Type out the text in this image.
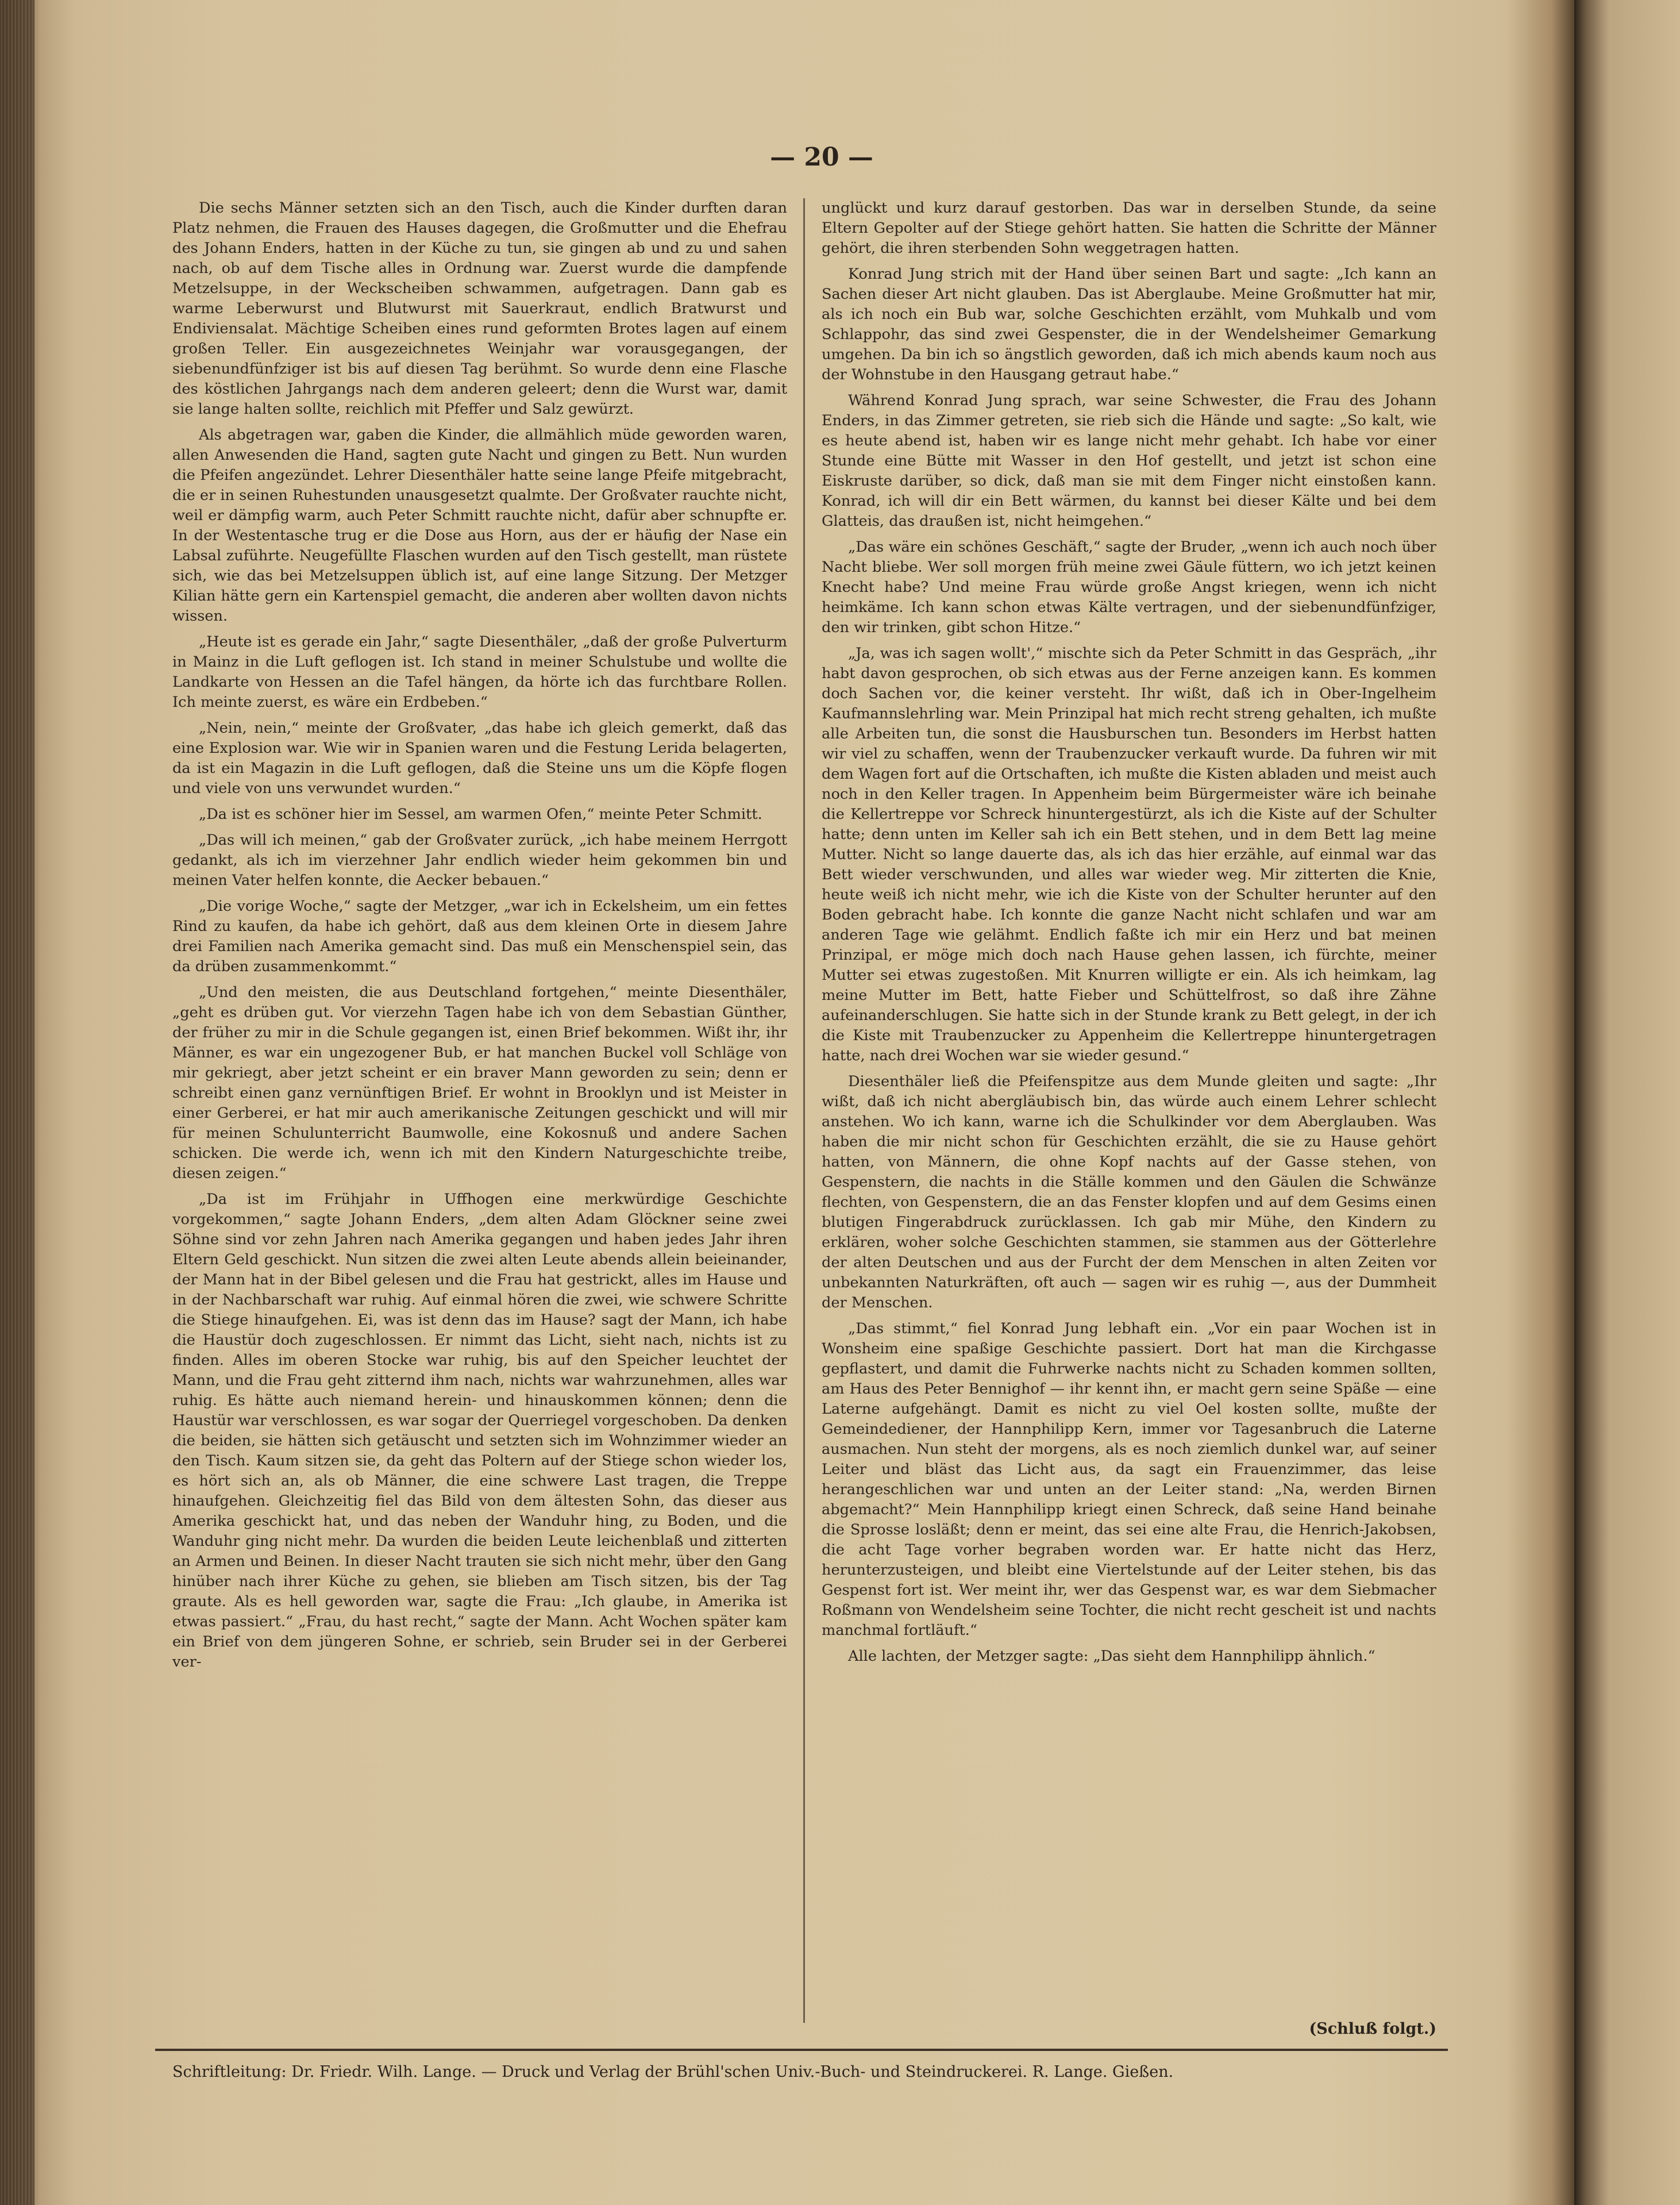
— 20 —

Die sechs Männer setzten sich an den Tisch, auch die Kinder durften daran Platz nehmen, die Frauen des Hauses dagegen, die Großmutter und die Ehefrau des Johann Enders, hatten in der Küche zu tun, sie gingen ab und zu und sahen nach, ob auf dem Tische alles in Ordnung war. Zuerst wurde die dampfende Metzelsuppe, in der Weckscheiben schwammen, aufgetragen. Dann gab es warme Leberwurst und Blutwurst mit Sauerkraut, endlich Bratwurst und Endiviensalat. Mächtige Scheiben eines rund geformten Brotes lagen auf einem großen Teller. Ein ausgezeichnetes Weinjahr war vorausgegangen, der siebenundfünfziger ist bis auf diesen Tag berühmt. So wurde denn eine Flasche des köstlichen Jahrgangs nach dem anderen geleert; denn die Wurst war, damit sie lange halten sollte, reichlich mit Pfeffer und Salz gewürzt.

Als abgetragen war, gaben die Kinder, die allmählich müde geworden waren, allen Anwesenden die Hand, sagten gute Nacht und gingen zu Bett. Nun wurden die Pfeifen angezündet. Lehrer Diesenthäler hatte seine lange Pfeife mitgebracht, die er in seinen Ruhestunden unausgesetzt qualmte. Der Großvater rauchte nicht, weil er dämpfig warm, auch Peter Schmitt rauchte nicht, dafür aber schnupfte er. In der Westentasche trug er die Dose aus Horn, aus der er häufig der Nase ein Labsal zuführte. Neugefüllte Flaschen wurden auf den Tisch gestellt, man rüstete sich, wie das bei Metzelsuppen üblich ist, auf eine lange Sitzung. Der Metzger Kilian hätte gern ein Kartenspiel gemacht, die anderen aber wollten davon nichts wissen.

„Heute ist es gerade ein Jahr,“ sagte Diesenthäler, „daß der große Pulverturm in Mainz in die Luft geflogen ist. Ich stand in meiner Schulstube und wollte die Landkarte von Hessen an die Tafel hängen, da hörte ich das furchtbare Rollen. Ich meinte zuerst, es wäre ein Erdbeben.“

„Nein, nein,“ meinte der Großvater, „das habe ich gleich gemerkt, daß das eine Explosion war. Wie wir in Spanien waren und die Festung Lerida belagerten, da ist ein Magazin in die Luft geflogen, daß die Steine uns um die Köpfe flogen und viele von uns verwundet wurden.“

„Da ist es schöner hier im Sessel, am warmen Ofen,“ meinte Peter Schmitt.

„Das will ich meinen,“ gab der Großvater zurück, „ich habe meinem Herrgott gedankt, als ich im vierzehner Jahr endlich wieder heim gekommen bin und meinen Vater helfen konnte, die Aecker bebauen.“

„Die vorige Woche,“ sagte der Metzger, „war ich in Eckelsheim, um ein fettes Rind zu kaufen, da habe ich gehört, daß aus dem kleinen Orte in diesem Jahre drei Familien nach Amerika gemacht sind. Das muß ein Menschenspiel sein, das da drüben zusammenkommt.“

„Und den meisten, die aus Deutschland fortgehen,“ meinte Diesenthäler, „geht es drüben gut. Vor vierzehn Tagen habe ich von dem Sebastian Günther, der früher zu mir in die Schule gegangen ist, einen Brief bekommen. Wißt ihr, ihr Männer, es war ein ungezogener Bub, er hat manchen Buckel voll Schläge von mir gekriegt, aber jetzt scheint er ein braver Mann geworden zu sein; denn er schreibt einen ganz vernünftigen Brief. Er wohnt in Brooklyn und ist Meister in einer Gerberei, er hat mir auch amerikanische Zeitungen geschickt und will mir für meinen Schulunterricht Baumwolle, eine Kokosnuß und andere Sachen schicken. Die werde ich, wenn ich mit den Kindern Naturgeschichte treibe, diesen zeigen.“

„Da ist im Frühjahr in Uffhogen eine merkwürdige Geschichte vorgekommen,“ sagte Johann Enders, „dem alten Adam Glöckner seine zwei Söhne sind vor zehn Jahren nach Amerika gegangen und haben jedes Jahr ihren Eltern Geld geschickt. Nun sitzen die zwei alten Leute abends allein beieinander, der Mann hat in der Bibel gelesen und die Frau hat gestrickt, alles im Hause und in der Nachbarschaft war ruhig. Auf einmal hören die zwei, wie schwere Schritte die Stiege hinaufgehen. Ei, was ist denn das im Hause? sagt der Mann, ich habe die Haustür doch zugeschlossen. Er nimmt das Licht, sieht nach, nichts ist zu finden. Alles im oberen Stocke war ruhig, bis auf den Speicher leuchtet der Mann, und die Frau geht zitternd ihm nach, nichts war wahrzunehmen, alles war ruhig. Es hätte auch niemand herein- und hinauskommen können; denn die Haustür war verschlossen, es war sogar der Querriegel vorgeschoben. Da denken die beiden, sie hätten sich getäuscht und setzten sich im Wohnzimmer wieder an den Tisch. Kaum sitzen sie, da geht das Poltern auf der Stiege schon wieder los, es hört sich an, als ob Männer, die eine schwere Last tragen, die Treppe hinaufgehen. Gleichzeitig fiel das Bild von dem ältesten Sohn, das dieser aus Amerika geschickt hat, und das neben der Wanduhr hing, zu Boden, und die Wanduhr ging nicht mehr. Da wurden die beiden Leute leichenblaß und zitterten an Armen und Beinen. In dieser Nacht trauten sie sich nicht mehr, über den Gang hinüber nach ihrer Küche zu gehen, sie blieben am Tisch sitzen, bis der Tag graute. Als es hell geworden war, sagte die Frau: „Ich glaube, in Amerika ist etwas passiert.“ „Frau, du hast recht,“ sagte der Mann. Acht Wochen später kam ein Brief von dem jüngeren Sohne, er schrieb, sein Bruder sei in der Gerberei ver-

unglückt und kurz darauf gestorben. Das war in derselben Stunde, da seine Eltern Gepolter auf der Stiege gehört hatten. Sie hatten die Schritte der Männer gehört, die ihren sterbenden Sohn weggetragen hatten.

Konrad Jung strich mit der Hand über seinen Bart und sagte: „Ich kann an Sachen dieser Art nicht glauben. Das ist Aberglaube. Meine Großmutter hat mir, als ich noch ein Bub war, solche Geschichten erzählt, vom Muhkalb und vom Schlappohr, das sind zwei Gespenster, die in der Wendelsheimer Gemarkung umgehen. Da bin ich so ängstlich geworden, daß ich mich abends kaum noch aus der Wohnstube in den Hausgang getraut habe.“

Während Konrad Jung sprach, war seine Schwester, die Frau des Johann Enders, in das Zimmer getreten, sie rieb sich die Hände und sagte: „So kalt, wie es heute abend ist, haben wir es lange nicht mehr gehabt. Ich habe vor einer Stunde eine Bütte mit Wasser in den Hof gestellt, und jetzt ist schon eine Eiskruste darüber, so dick, daß man sie mit dem Finger nicht einstoßen kann. Konrad, ich will dir ein Bett wärmen, du kannst bei dieser Kälte und bei dem Glatteis, das draußen ist, nicht heimgehen.“

„Das wäre ein schönes Geschäft,“ sagte der Bruder, „wenn ich auch noch über Nacht bliebe. Wer soll morgen früh meine zwei Gäule füttern, wo ich jetzt keinen Knecht habe? Und meine Frau würde große Angst kriegen, wenn ich nicht heimkäme. Ich kann schon etwas Kälte vertragen, und der siebenundfünfziger, den wir trinken, gibt schon Hitze.“

„Ja, was ich sagen wollt',“ mischte sich da Peter Schmitt in das Gespräch, „ihr habt davon gesprochen, ob sich etwas aus der Ferne anzeigen kann. Es kommen doch Sachen vor, die keiner versteht. Ihr wißt, daß ich in Ober-Ingelheim Kaufmannslehrling war. Mein Prinzipal hat mich recht streng gehalten, ich mußte alle Arbeiten tun, die sonst die Hausburschen tun. Besonders im Herbst hatten wir viel zu schaffen, wenn der Traubenzucker verkauft wurde. Da fuhren wir mit dem Wagen fort auf die Ortschaften, ich mußte die Kisten abladen und meist auch noch in den Keller tragen. In Appenheim beim Bürgermeister wäre ich beinahe die Kellertreppe vor Schreck hinuntergestürzt, als ich die Kiste auf der Schulter hatte; denn unten im Keller sah ich ein Bett stehen, und in dem Bett lag meine Mutter. Nicht so lange dauerte das, als ich das hier erzähle, auf einmal war das Bett wieder verschwunden, und alles war wieder weg. Mir zitterten die Knie, heute weiß ich nicht mehr, wie ich die Kiste von der Schulter herunter auf den Boden gebracht habe. Ich konnte die ganze Nacht nicht schlafen und war am anderen Tage wie gelähmt. Endlich faßte ich mir ein Herz und bat meinen Prinzipal, er möge mich doch nach Hause gehen lassen, ich fürchte, meiner Mutter sei etwas zugestoßen. Mit Knurren willigte er ein. Als ich heimkam, lag meine Mutter im Bett, hatte Fieber und Schüttelfrost, so daß ihre Zähne aufeinanderschlugen. Sie hatte sich in der Stunde krank zu Bett gelegt, in der ich die Kiste mit Traubenzucker zu Appenheim die Kellertreppe hinuntergetragen hatte, nach drei Wochen war sie wieder gesund.“

Diesenthäler ließ die Pfeifenspitze aus dem Munde gleiten und sagte: „Ihr wißt, daß ich nicht abergläubisch bin, das würde auch einem Lehrer schlecht anstehen. Wo ich kann, warne ich die Schulkinder vor dem Aberglauben. Was haben die mir nicht schon für Geschichten erzählt, die sie zu Hause gehört hatten, von Männern, die ohne Kopf nachts auf der Gasse stehen, von Gespenstern, die nachts in die Ställe kommen und den Gäulen die Schwänze flechten, von Gespenstern, die an das Fenster klopfen und auf dem Gesims einen blutigen Fingerabdruck zurücklassen. Ich gab mir Mühe, den Kindern zu erklären, woher solche Geschichten stammen, sie stammen aus der Götterlehre der alten Deutschen und aus der Furcht der dem Menschen in alten Zeiten vor unbekannten Naturkräften, oft auch — sagen wir es ruhig —, aus der Dummheit der Menschen.

„Das stimmt,“ fiel Konrad Jung lebhaft ein. „Vor ein paar Wochen ist in Wonsheim eine spaßige Geschichte passiert. Dort hat man die Kirchgasse gepflastert, und damit die Fuhrwerke nachts nicht zu Schaden kommen sollten, am Haus des Peter Bennighof — ihr kennt ihn, er macht gern seine Späße — eine Laterne aufgehängt. Damit es nicht zu viel Oel kosten sollte, mußte der Gemeindediener, der Hannphilipp Kern, immer vor Tagesanbruch die Laterne ausmachen. Nun steht der morgens, als es noch ziemlich dunkel war, auf seiner Leiter und bläst das Licht aus, da sagt ein Frauenzimmer, das leise herangeschlichen war und unten an der Leiter stand: „Na, werden Birnen abgemacht?“ Mein Hannphilipp kriegt einen Schreck, daß seine Hand beinahe die Sprosse losläßt; denn er meint, das sei eine alte Frau, die Henrich-Jakobsen, die acht Tage vorher begraben worden war. Er hatte nicht das Herz, herunterzusteigen, und bleibt eine Viertelstunde auf der Leiter stehen, bis das Gespenst fort ist. Wer meint ihr, wer das Gespenst war, es war dem Siebmacher Roßmann von Wendelsheim seine Tochter, die nicht recht gescheit ist und nachts manchmal fortläuft.“

Alle lachten, der Metzger sagte: „Das sieht dem Hannphilipp ähnlich.“

(Schluß folgt.)
Schriftleitung: Dr. Friedr. Wilh. Lange. — Druck und Verlag der Brühl'schen Univ.-Buch- und Steindruckerei. R. Lange. Gießen.
